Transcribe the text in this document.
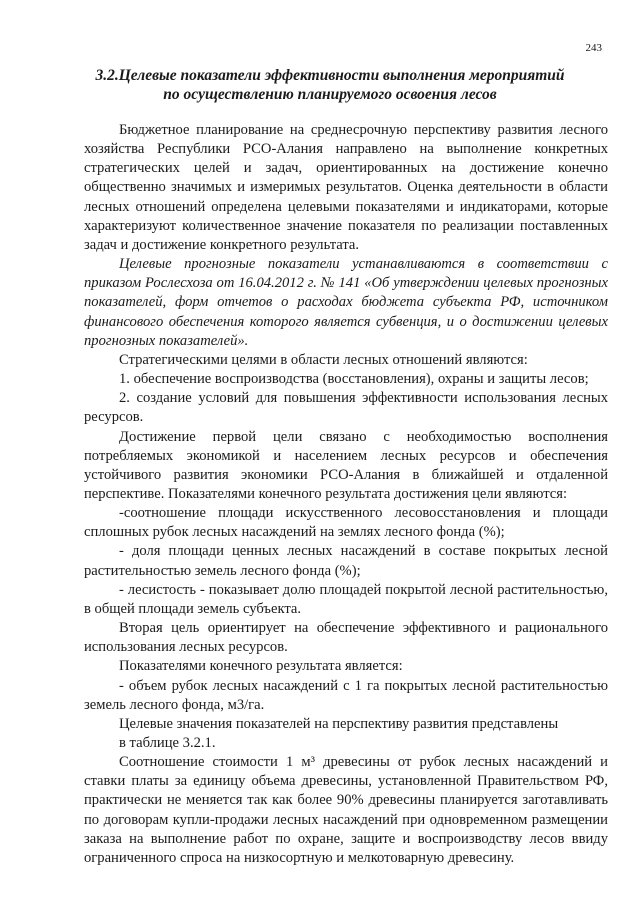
243
3.2.Целевые показатели эффективности выполнения мероприятий
по осуществлению планируемого освоения лесов

Бюджетное планирование на среднесрочную перспективу развития лесного хозяйства Республики РСО-Алания направлено на выполнение конкретных стратегических целей и задач, ориентированных на достижение конечно общественно значимых и измеримых результатов. Оценка деятельности в области лесных отношений определена целевыми показателями и индикаторами, которые характеризуют количественное значение показателя по реализации поставленных задач и достижение конкретного результата.

Целевые прогнозные показатели устанавливаются в соответствии с приказом Рослесхоза от 16.04.2012 г. № 141 «Об утверждении целевых прогнозных показателей, форм отчетов о расходах бюджета субъекта РФ, источником финансового обеспечения которого является субвенция, и о достижении целевых прогнозных показателей».

Стратегическими целями в области лесных отношений являются:

1. обеспечение воспроизводства (восстановления), охраны и защиты лесов;

2. создание условий для повышения эффективности использования лесных ресурсов.

Достижение первой цели связано с необходимостью восполнения потребляемых экономикой и населением лесных ресурсов и обеспечения устойчивого развития экономики РСО-Алания в ближайшей и отдаленной перспективе. Показателями конечного результата достижения цели являются:

-соотношение площади искусственного лесовосстановления и площади сплошных рубок лесных насаждений на землях лесного фонда (%);

- доля площади ценных лесных насаждений в составе покрытых лесной растительностью земель лесного фонда (%);

- лесистость - показывает долю площадей покрытой лесной растительностью, в общей площади земель субъекта.

Вторая цель ориентирует на обеспечение эффективного и рационального использования лесных ресурсов.

Показателями конечного результата является:

- объем рубок лесных насаждений с 1 га покрытых лесной растительностью земель лесного фонда, м3/га.

Целевые значения показателей на перспективу развития представлены

в таблице 3.2.1.

Соотношение стоимости 1 м³ древесины от рубок лесных насаждений и ставки платы за единицу объема древесины, установленной Правительством РФ, практически не меняется так как более 90% древесины планируется заготавливать по договорам купли-продажи лесных насаждений при одновременном размещении заказа на выполнение работ по охране, защите и воспроизводству лесов ввиду ограниченного спроса на низкосортную и мелкотоварную древесину.
